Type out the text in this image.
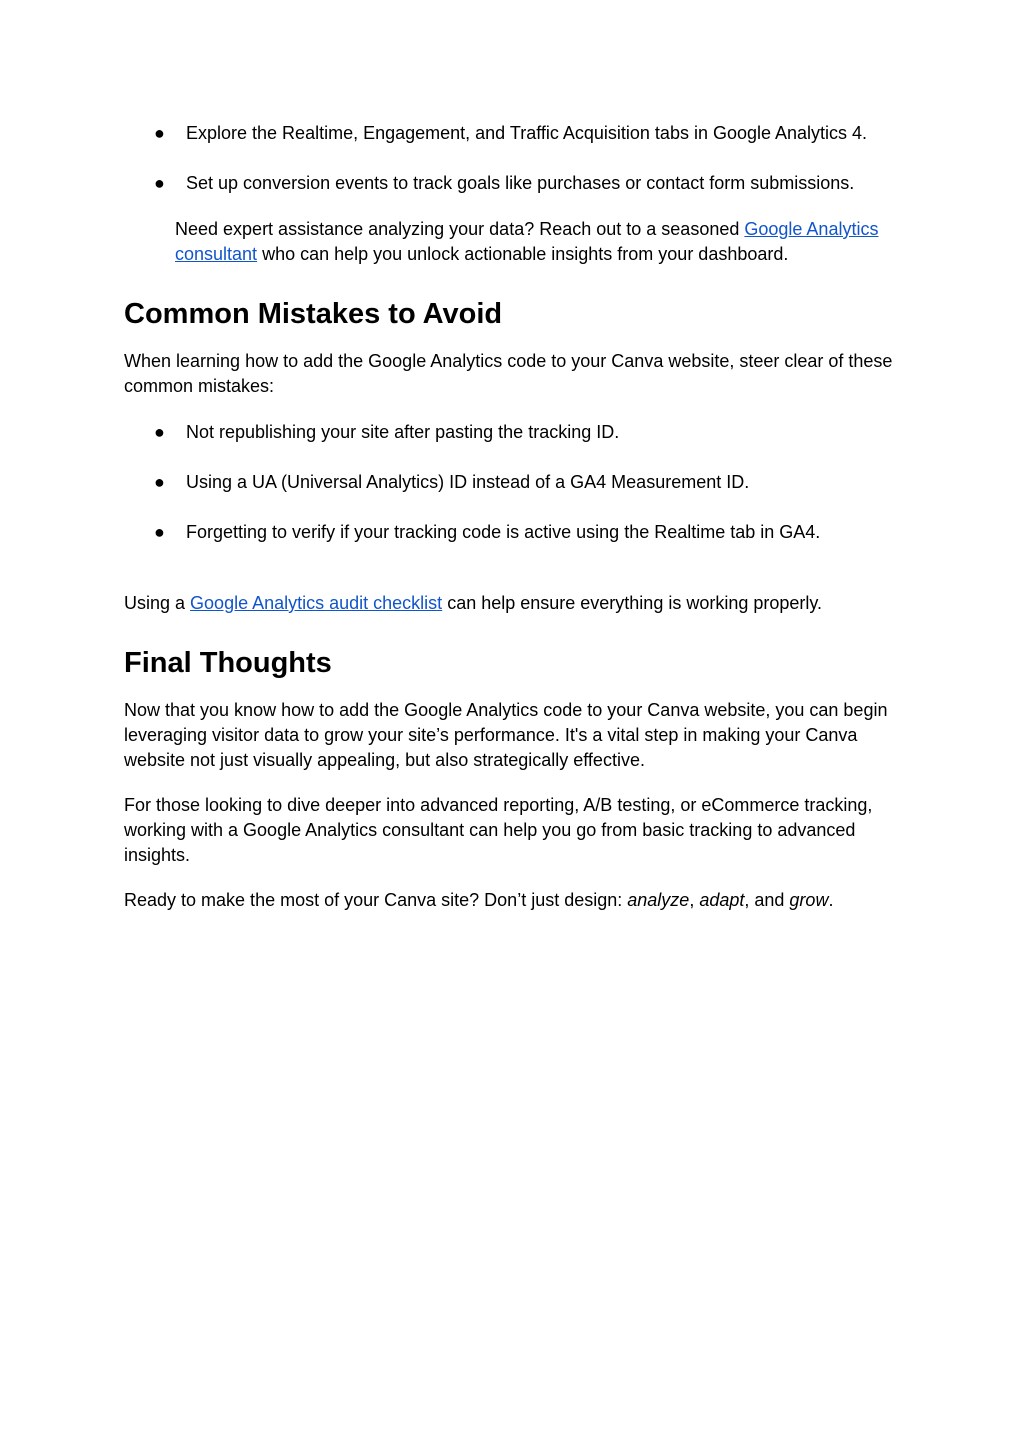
● Explore the Realtime, Engagement, and Traffic Acquisition tabs in Google Analytics 4.
● Set up conversion events to track goals like purchases or contact form submissions.

Need expert assistance analyzing your data? Reach out to a seasoned Google Analytics consultant who can help you unlock actionable insights from your dashboard.

Common Mistakes to Avoid

When learning how to add the Google Analytics code to your Canva website, steer clear of these common mistakes:

● Not republishing your site after pasting the tracking ID.
● Using a UA (Universal Analytics) ID instead of a GA4 Measurement ID.
● Forgetting to verify if your tracking code is active using the Realtime tab in GA4.

Using a Google Analytics audit checklist can help ensure everything is working properly.

Final Thoughts

Now that you know how to add the Google Analytics code to your Canva website, you can begin leveraging visitor data to grow your site’s performance. It's a vital step in making your Canva website not just visually appealing, but also strategically effective.

For those looking to dive deeper into advanced reporting, A/B testing, or eCommerce tracking, working with a Google Analytics consultant can help you go from basic tracking to advanced insights.

Ready to make the most of your Canva site? Don’t just design: analyze, adapt, and grow.
